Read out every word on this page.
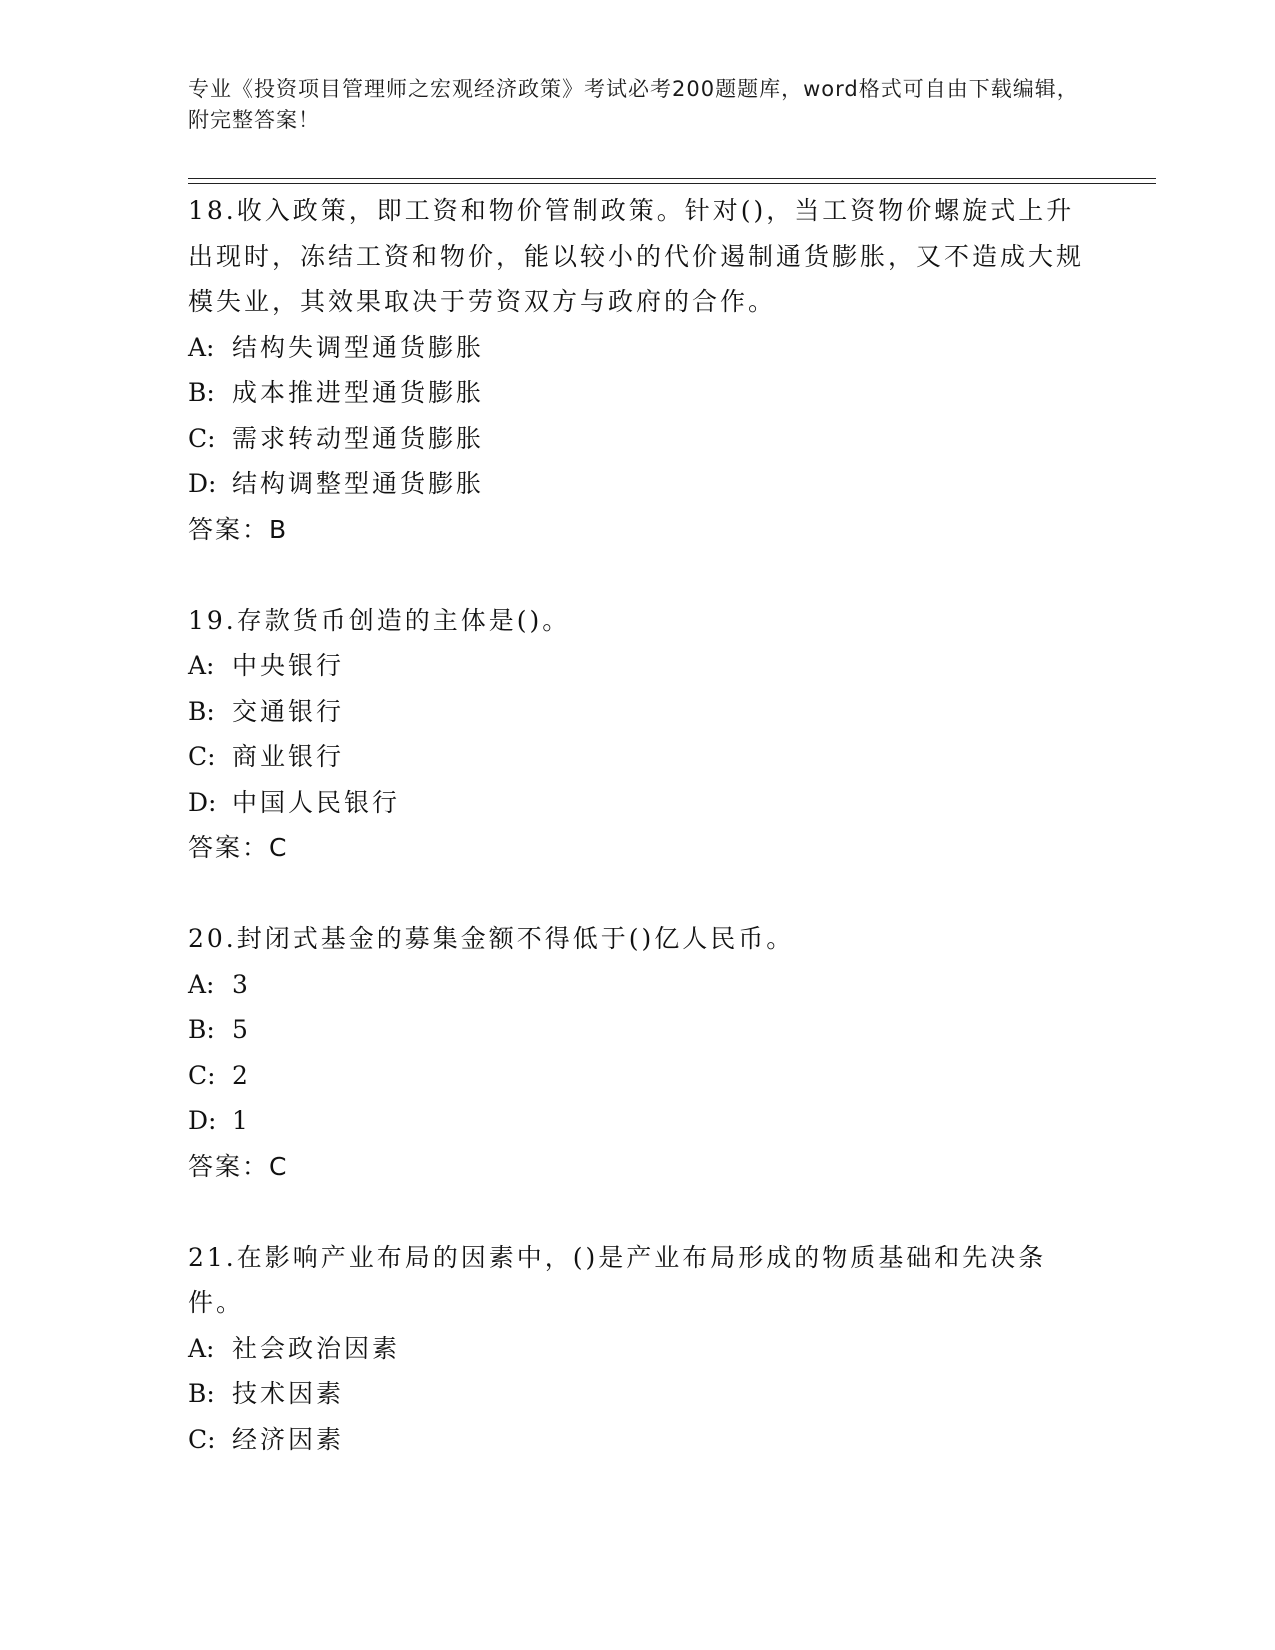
专业《投资项目管理师之宏观经济政策》考试必考200题题库，word格式可自由下载编辑，附完整答案！

18.收入政策，即工资和物价管制政策。针对()，当工资物价螺旋式上升出现时，冻结工资和物价，能以较小的代价遏制通货膨胀，又不造成大规模失业，其效果取决于劳资双方与政府的合作。

A: 结构失调型通货膨胀
B: 成本推进型通货膨胀
C: 需求转动型通货膨胀
D: 结构调整型通货膨胀
答案：B

19.存款货币创造的主体是()。

A: 中央银行
B: 交通银行
C: 商业银行
D: 中国人民银行
答案：C

20.封闭式基金的募集金额不得低于()亿人民币。

A: 3
B: 5
C: 2
D: 1
答案：C

21.在影响产业布局的因素中，()是产业布局形成的物质基础和先决条件。

A: 社会政治因素
B: 技术因素
C: 经济因素
